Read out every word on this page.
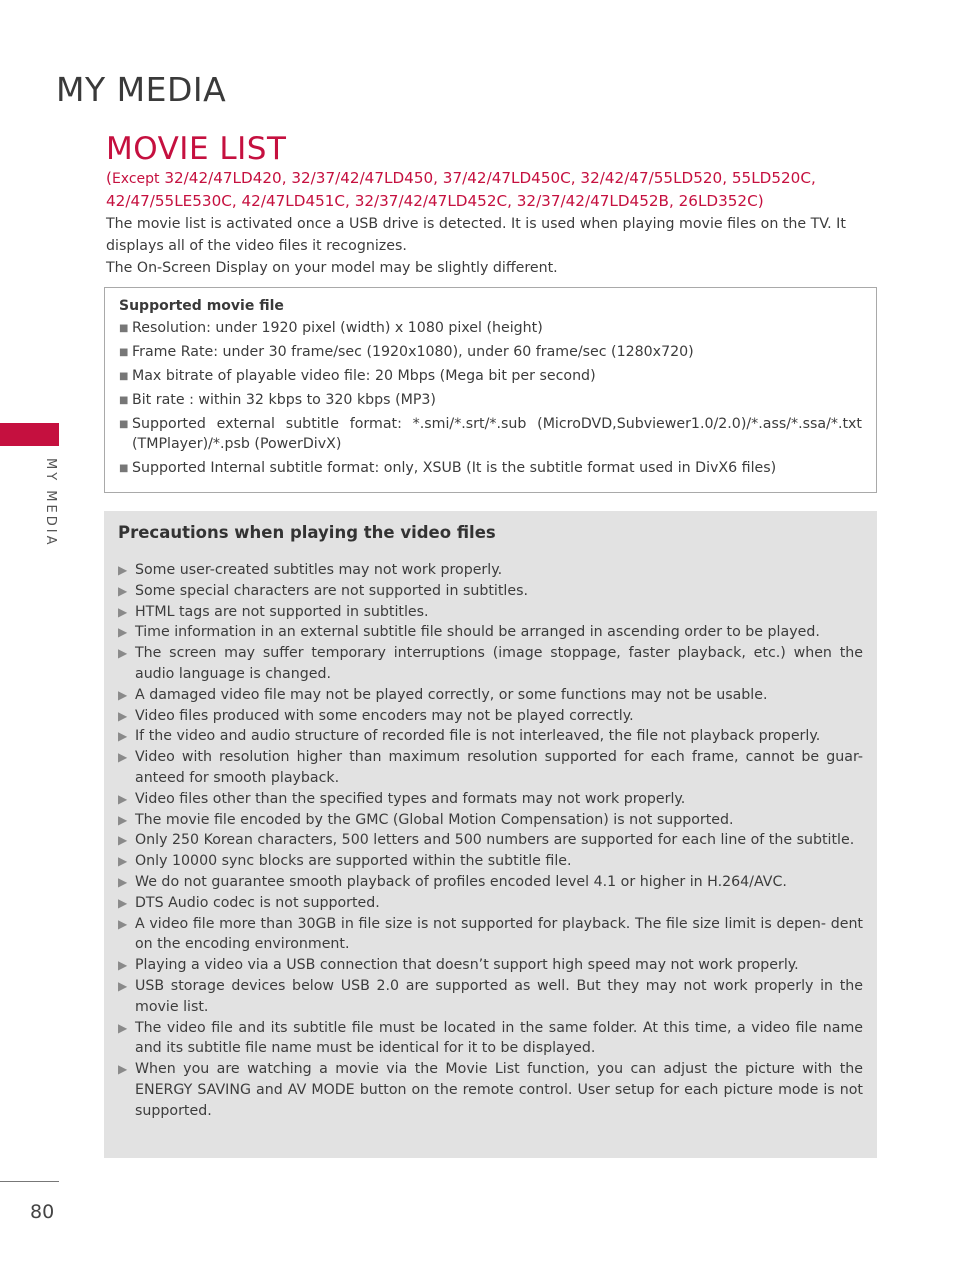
MY MEDIA
MY MEDIA
MOVIE LIST
(Except 32/42/47LD420, 32/37/42/47LD450, 37/42/47LD450C, 32/42/47/55LD520, 55LD520C, 42/47/55LE530C, 42/47LD451C, 32/37/42/47LD452C, 32/37/42/47LD452B, 26LD352C)

The movie list is activated once a USB drive is detected. It is used when playing movie files on the TV. It displays all of the video files it recognizes.

The On-Screen Display on your model may be slightly different.

Supported movie file
■ Resolution: under 1920 pixel (width) x 1080 pixel (height)
■ Frame Rate: under 30 frame/sec (1920x1080), under 60 frame/sec (1280x720)
■ Max bitrate of playable video file: 20 Mbps (Mega bit per second)
■ Bit rate : within 32 kbps to 320 kbps (MP3)
■ Supported external subtitle format: *.smi/*.srt/*.sub (MicroDVD,Subviewer1.0/2.0)/*.ass/*.ssa/*.txt (TMPlayer)/*.psb (PowerDivX)
■ Supported Internal subtitle format: only, XSUB (It is the subtitle format used in DivX6 files)
Precautions when playing the video files
▶ Some user-created subtitles may not work properly.
▶ Some special characters are not supported in subtitles.
▶ HTML tags are not supported in subtitles.
▶ Time information in an external subtitle file should be arranged in ascending order to be played.
▶ The screen may suffer temporary interruptions (image stoppage, faster playback, etc.) when the audio language is changed.
▶ A damaged video file may not be played correctly, or some functions may not be usable.
▶ Video files produced with some encoders may not be played correctly.
▶ If the video and audio structure of recorded file is not interleaved, the file not playback properly.
▶ Video with resolution higher than maximum resolution supported for each frame, cannot be guar- anteed for smooth playback.
▶ Video files other than the specified types and formats may not work properly.
▶ The movie file encoded by the GMC (Global Motion Compensation) is not supported.
▶ Only 250 Korean characters, 500 letters and 500 numbers are supported for each line of the subtitle.
▶ Only 10000 sync blocks are supported within the subtitle file.
▶ We do not guarantee smooth playback of profiles encoded level 4.1 or higher in H.264/AVC.
▶ DTS Audio codec is not supported.
▶ A video file more than 30GB in file size is not supported for playback. The file size limit is depen- dent on the encoding environment.
▶ Playing a video via a USB connection that doesn’t support high speed may not work properly.
▶ USB storage devices below USB 2.0 are supported as well. But they may not work properly in the movie list.
▶ The video file and its subtitle file must be located in the same folder. At this time, a video file name and its subtitle file name must be identical for it to be displayed.
▶ When you are watching a movie via the Movie List function, you can adjust the picture with the ENERGY SAVING and AV MODE button on the remote control. User setup for each picture mode is not supported.
80
